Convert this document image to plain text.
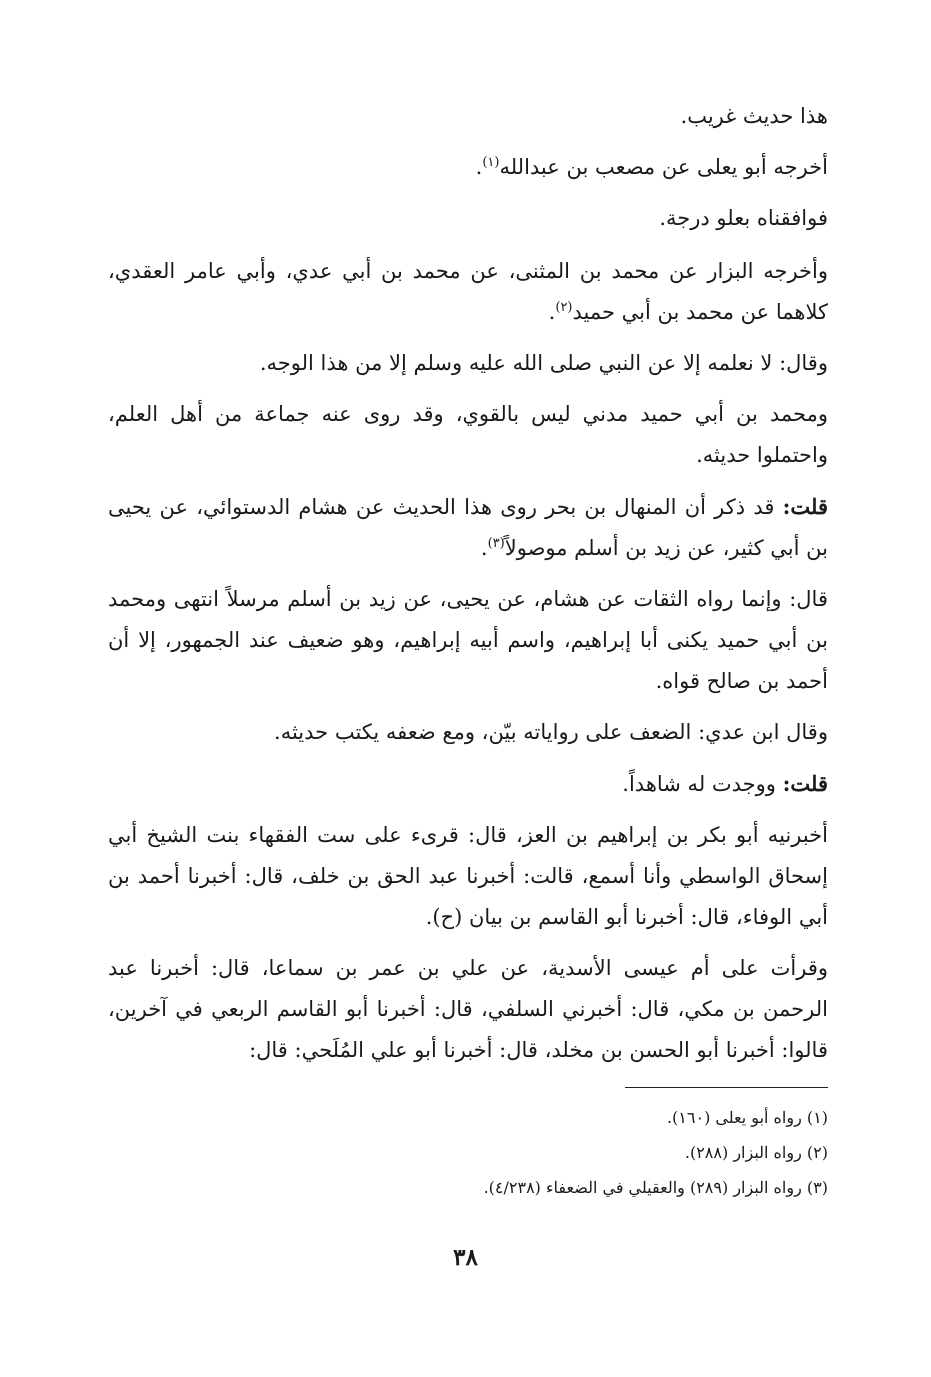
هذا حديث غريب.

أخرجه أبو يعلى عن مصعب بن عبدالله$^{(١)}$.

فوافقناه بعلو درجة.

وأخرجه البزار عن محمد بن المثنى، عن محمد بن أبي عدي، وأبي عامر العقدي، كلاهما عن محمد بن أبي حميد$^{(٢)}$.

وقال: لا نعلمه إلا عن النبي صلى الله عليه وسلم إلا من هذا الوجه.

ومحمد بن أبي حميد مدني ليس بالقوي، وقد روى عنه جماعة من أهل العلم، واحتملوا حديثه.

قلت: قد ذكر أن المنهال بن بحر روى هذا الحديث عن هشام الدستوائي، عن يحيى بن أبي كثير، عن زيد بن أسلم موصولاً$^{(٣)}$.

قال: وإنما رواه الثقات عن هشام، عن يحيى، عن زيد بن أسلم مرسلاً انتهى ومحمد بن أبي حميد يكنى أبا إبراهيم، واسم أبيه إبراهيم، وهو ضعيف عند الجمهور، إلا أن أحمد بن صالح قواه.

وقال ابن عدي: الضعف على رواياته بيّن، ومع ضعفه يكتب حديثه.

قلت: ووجدت له شاهداً.

أخبرنيه أبو بكر بن إبراهيم بن العز، قال: قرىء على ست الفقهاء بنت الشيخ أبي إسحاق الواسطي وأنا أسمع، قالت: أخبرنا عبد الحق بن خلف، قال: أخبرنا أحمد بن أبي الوفاء، قال: أخبرنا أبو القاسم بن بيان (ح).

وقرأت على أم عيسى الأسدية، عن علي بن عمر بن سماعا، قال: أخبرنا عبد الرحمن بن مكي، قال: أخبرني السلفي، قال: أخبرنا أبو القاسم الربعي في آخرين، قالوا: أخبرنا أبو الحسن بن مخلد، قال: أخبرنا أبو علي المُلَحي: قال:

(١) رواه أبو يعلى (١٦٠).

(٢) رواه البزار (٢٨٨).

(٣) رواه البزار (٢٨٩) والعقيلي في الضعفاء (٤/٢٣٨).

٣٨
